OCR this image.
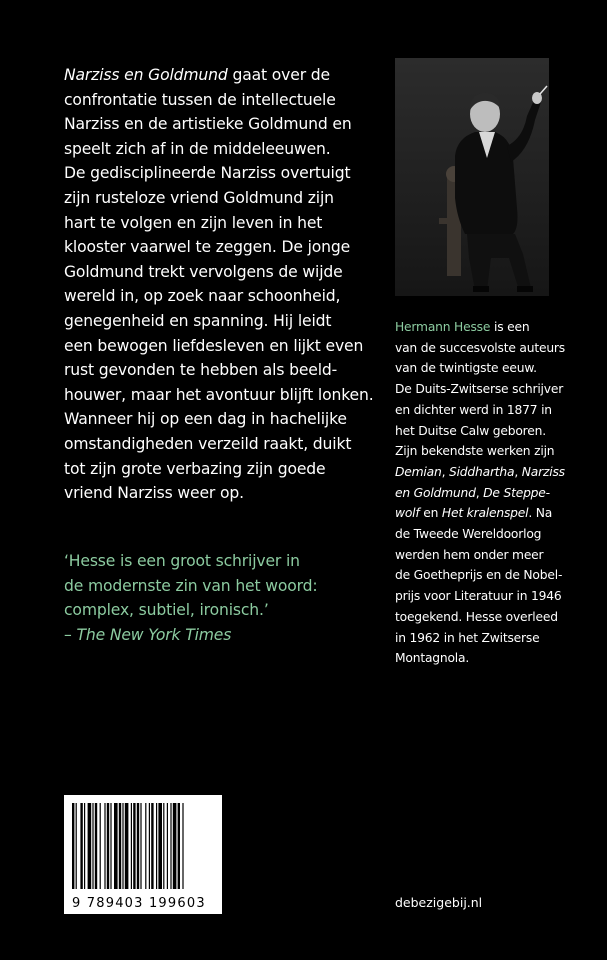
Narziss en Goldmund gaat over de
confrontatie tussen de intellectuele
Narziss en de artistieke Goldmund en
speelt zich af in de middeleeuwen.
De gedisciplineerde Narziss overtuigt
zijn rusteloze vriend Goldmund zijn
hart te volgen en zijn leven in het
klooster vaarwel te zeggen. De jonge
Goldmund trekt vervolgens de wijde
wereld in, op zoek naar schoonheid,
genegenheid en spanning. Hij leidt
een bewogen liefdesleven en lijkt even
rust gevonden te hebben als beeld-
houwer, maar het avontuur blijft lonken.
Wanneer hij op een dag in hachelijke
omstandigheden verzeild raakt, duikt
tot zijn grote verbazing zijn goede
vriend Narziss weer op.
‘Hesse is een groot schrijver in
de modernste zin van het woord:
complex, subtiel, ironisch.’
– The New York Times
Hermann Hesse is een
van de succesvolste auteurs
van de twintigste eeuw.
De Duits-Zwitserse schrijver
en dichter werd in 1877 in
het Duitse Calw geboren.
Zijn bekendste werken zijn
Demian, Siddhartha, Narziss
en Goldmund, De Steppe-
wolf en Het kralenspel. Na
de Tweede Wereldoorlog
werden hem onder meer
de Goetheprijs en de Nobel-
prijs voor Literatuur in 1946
toegekend. Hesse overleed
in 1962 in het Zwitserse
Montagnola.
9 789403 199603	debezigebij.nl
